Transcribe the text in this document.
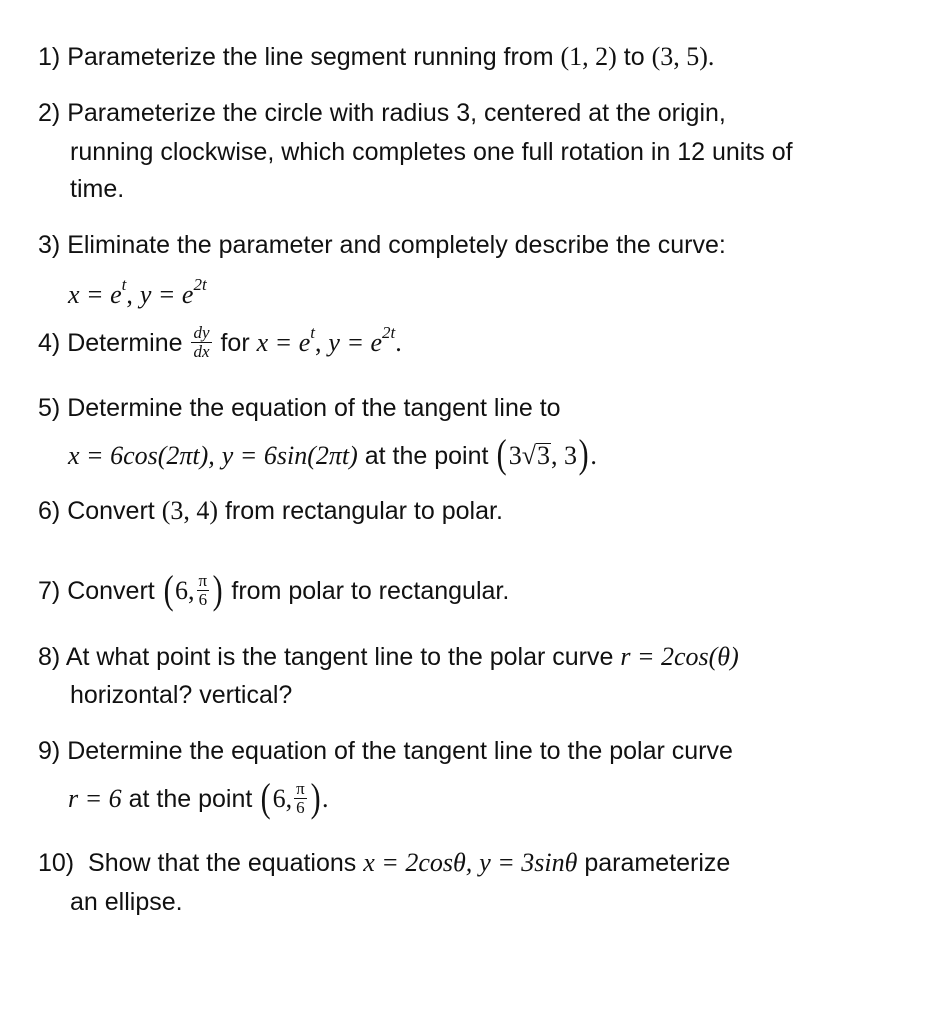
1) Parameterize the line segment running from (1, 2) to (3, 5).
2) Parameterize the circle with radius 3, centered at the origin,
running clockwise, which completes one full rotation in 12 units of
time.
3) Eliminate the parameter and completely describe the curve:
$x = e^t$, $y = e^{2t}$
4) Determine $\frac{dy}{dx}$ for $x = e^t$, $y = e^{2t}$.
5) Determine the equation of the tangent line to
x = 6cos(2πt), y = 6sin(2πt) at the point (3√3, 3).
6) Convert (3, 4) from rectangular to polar.
7) Convert (6, $\frac{\pi}{6}$ ) from polar to rectangular.
8) At what point is the tangent line to the polar curve r = 2cos(θ)
horizontal? vertical?
9) Determine the equation of the tangent line to the polar curve
r = 6 at the point (6, $\frac{\pi}{6}$ ).
10) Show that the equations x = 2cosθ, y = 3sinθ parameterize
an ellipse.
